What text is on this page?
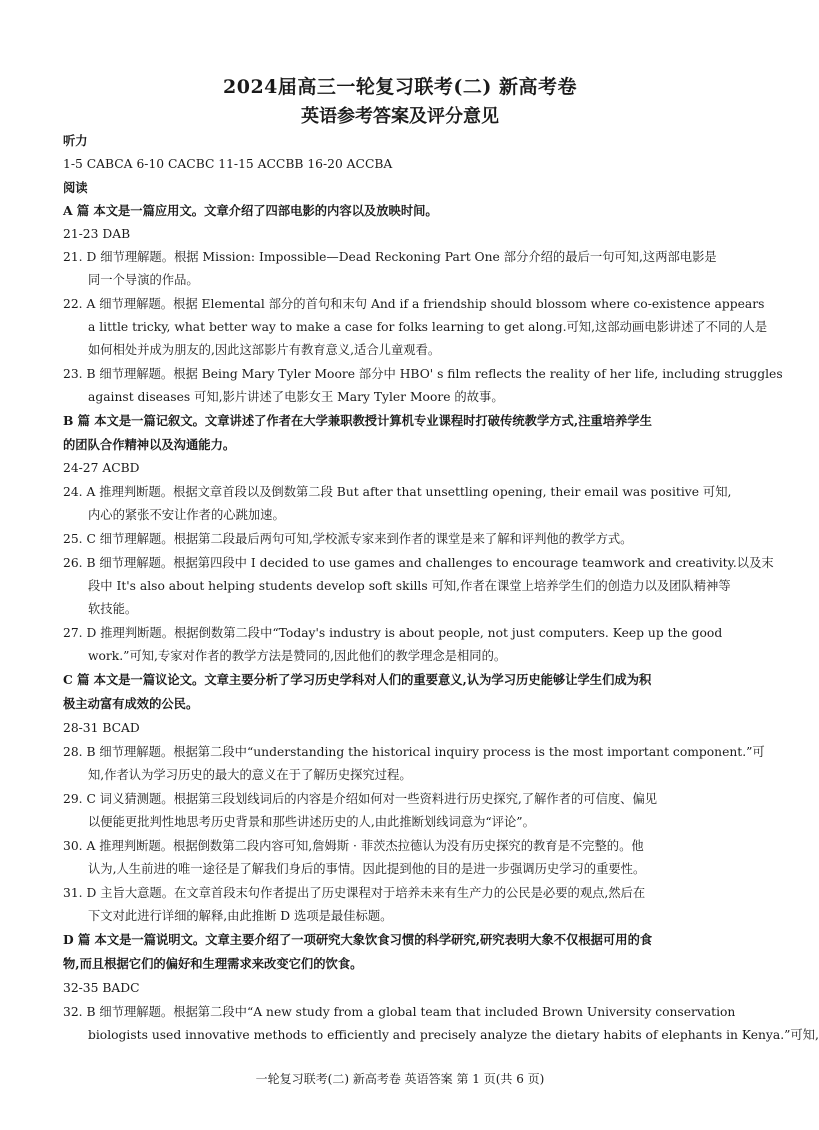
2024届高三一轮复习联考(二) 新高考卷
英语参考答案及评分意见
听力
1-5 CABCA 6-10 CACBC 11-15 ACCBB 16-20 ACCBA
阅读
A 篇 本文是一篇应用文。文章介绍了四部电影的内容以及放映时间。
21-23 DAB
21. D 细节理解题。根据 Mission: Impossible—Dead Reckoning Part One 部分介绍的最后一句可知,这两部电影是
同一个导演的作品。
22. A 细节理解题。根据 Elemental 部分的首句和末句 And if a friendship should blossom where co-existence appears
a little tricky, what better way to make a case for folks learning to get along.可知,这部动画电影讲述了不同的人是
如何相处并成为朋友的,因此这部影片有教育意义,适合儿童观看。
23. B 细节理解题。根据 Being Mary Tyler Moore 部分中 HBO' s film reflects the reality of her life, including struggles
against diseases 可知,影片讲述了电影女王 Mary Tyler Moore 的故事。
B 篇 本文是一篇记叙文。文章讲述了作者在大学兼职教授计算机专业课程时打破传统教学方式,注重培养学生
的团队合作精神以及沟通能力。
24-27 ACBD
24. A 推理判断题。根据文章首段以及倒数第二段 But after that unsettling opening, their email was positive 可知,
内心的紧张不安让作者的心跳加速。
25. C 细节理解题。根据第二段最后两句可知,学校派专家来到作者的课堂是来了解和评判他的教学方式。
26. B 细节理解题。根据第四段中 I decided to use games and challenges to encourage teamwork and creativity.以及末
段中 It's also about helping students develop soft skills 可知,作者在课堂上培养学生们的创造力以及团队精神等
软技能。
27. D 推理判断题。根据倒数第二段中“Today's industry is about people, not just computers. Keep up the good
work.”可知,专家对作者的教学方法是赞同的,因此他们的教学理念是相同的。
C 篇 本文是一篇议论文。文章主要分析了学习历史学科对人们的重要意义,认为学习历史能够让学生们成为积
极主动富有成效的公民。
28-31 BCAD
28. B 细节理解题。根据第二段中“understanding the historical inquiry process is the most important component.”可
知,作者认为学习历史的最大的意义在于了解历史探究过程。
29. C 词义猜测题。根据第三段划线词后的内容是介绍如何对一些资料进行历史探究,了解作者的可信度、偏见
以便能更批判性地思考历史背景和那些讲述历史的人,由此推断划线词意为“评论”。
30. A 推理判断题。根据倒数第二段内容可知,詹姆斯 · 菲茨杰拉德认为没有历史探究的教育是不完整的。他
认为,人生前进的唯一途径是了解我们身后的事情。因此提到他的目的是进一步强调历史学习的重要性。
31. D 主旨大意题。在文章首段末句作者提出了历史课程对于培养未来有生产力的公民是必要的观点,然后在
下文对此进行详细的解释,由此推断 D 选项是最佳标题。
D 篇 本文是一篇说明文。文章主要介绍了一项研究大象饮食习惯的科学研究,研究表明大象不仅根据可用的食
物,而且根据它们的偏好和生理需求来改变它们的饮食。
32-35 BADC
32. B 细节理解题。根据第二段中“A new study from a global team that included Brown University conservation
biologists used innovative methods to efficiently and precisely analyze the dietary habits of elephants in Kenya.”可知,
一轮复习联考(二) 新高考卷 英语答案 第 1 页(共 6 页)
